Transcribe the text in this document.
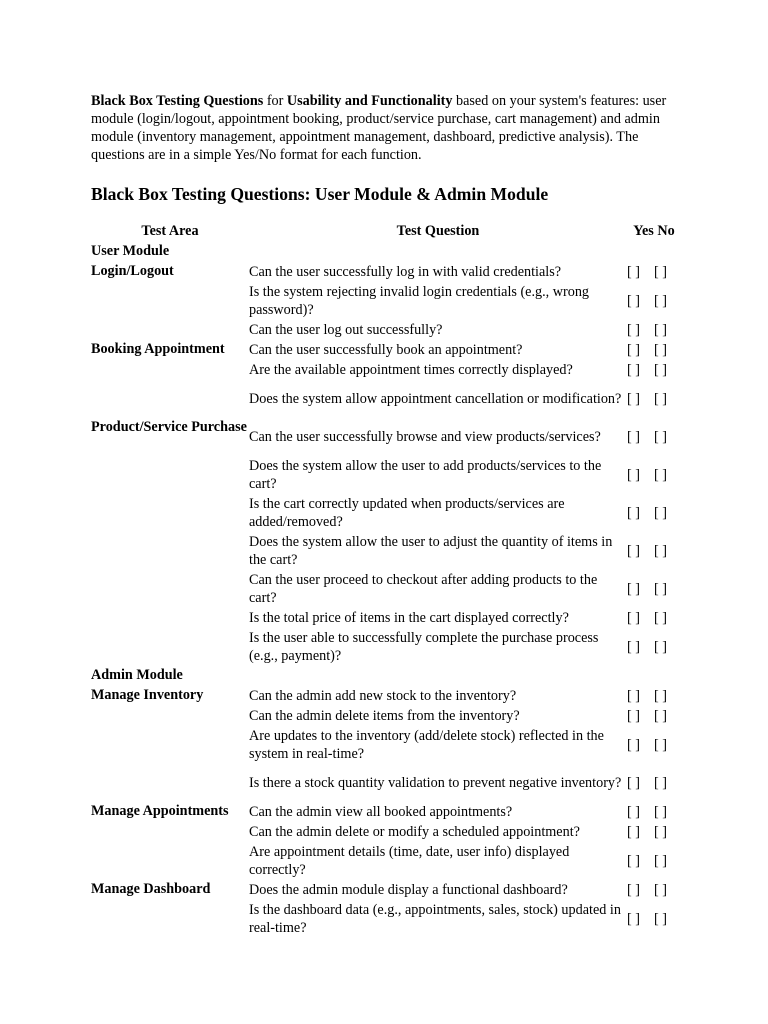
Black Box Testing Questions for Usability and Functionality based on your system's features: user module (login/logout, appointment booking, product/service purchase, cart management) and admin module (inventory management, appointment management, dashboard, predictive analysis). The questions are in a simple Yes/No format for each function.

Black Box Testing Questions: User Module & Admin Module
Test Area	Test Question	Yes No
User Module		
Login/Logout	Can the user successfully log in with valid credentials?	[ ] [ ]
	Is the system rejecting invalid login credentials (e.g., wrong password)?	[ ] [ ]
	Can the user log out successfully?	[ ] [ ]
Booking Appointment	Can the user successfully book an appointment?	[ ] [ ]
	Are the available appointment times correctly displayed?	[ ] [ ]
	Does the system allow appointment cancellation or modification?	[ ] [ ]
Product/Service Purchase	Can the user successfully browse and view products/services?	[ ] [ ]
	Does the system allow the user to add products/services to the cart?	[ ] [ ]
	Is the cart correctly updated when products/services are added/removed?	[ ] [ ]
	Does the system allow the user to adjust the quantity of items in the cart?	[ ] [ ]
	Can the user proceed to checkout after adding products to the cart?	[ ] [ ]
	Is the total price of items in the cart displayed correctly?	[ ] [ ]
	Is the user able to successfully complete the purchase process (e.g., payment)?	[ ] [ ]
Admin Module		
Manage Inventory	Can the admin add new stock to the inventory?	[ ] [ ]
	Can the admin delete items from the inventory?	[ ] [ ]
	Are updates to the inventory (add/delete stock) reflected in the system in real-time?	[ ] [ ]
	Is there a stock quantity validation to prevent negative inventory?	[ ] [ ]
Manage Appointments	Can the admin view all booked appointments?	[ ] [ ]
	Can the admin delete or modify a scheduled appointment?	[ ] [ ]
	Are appointment details (time, date, user info) displayed correctly?	[ ] [ ]
Manage Dashboard	Does the admin module display a functional dashboard?	[ ] [ ]
	Is the dashboard data (e.g., appointments, sales, stock) updated in real-time?	[ ] [ ]
